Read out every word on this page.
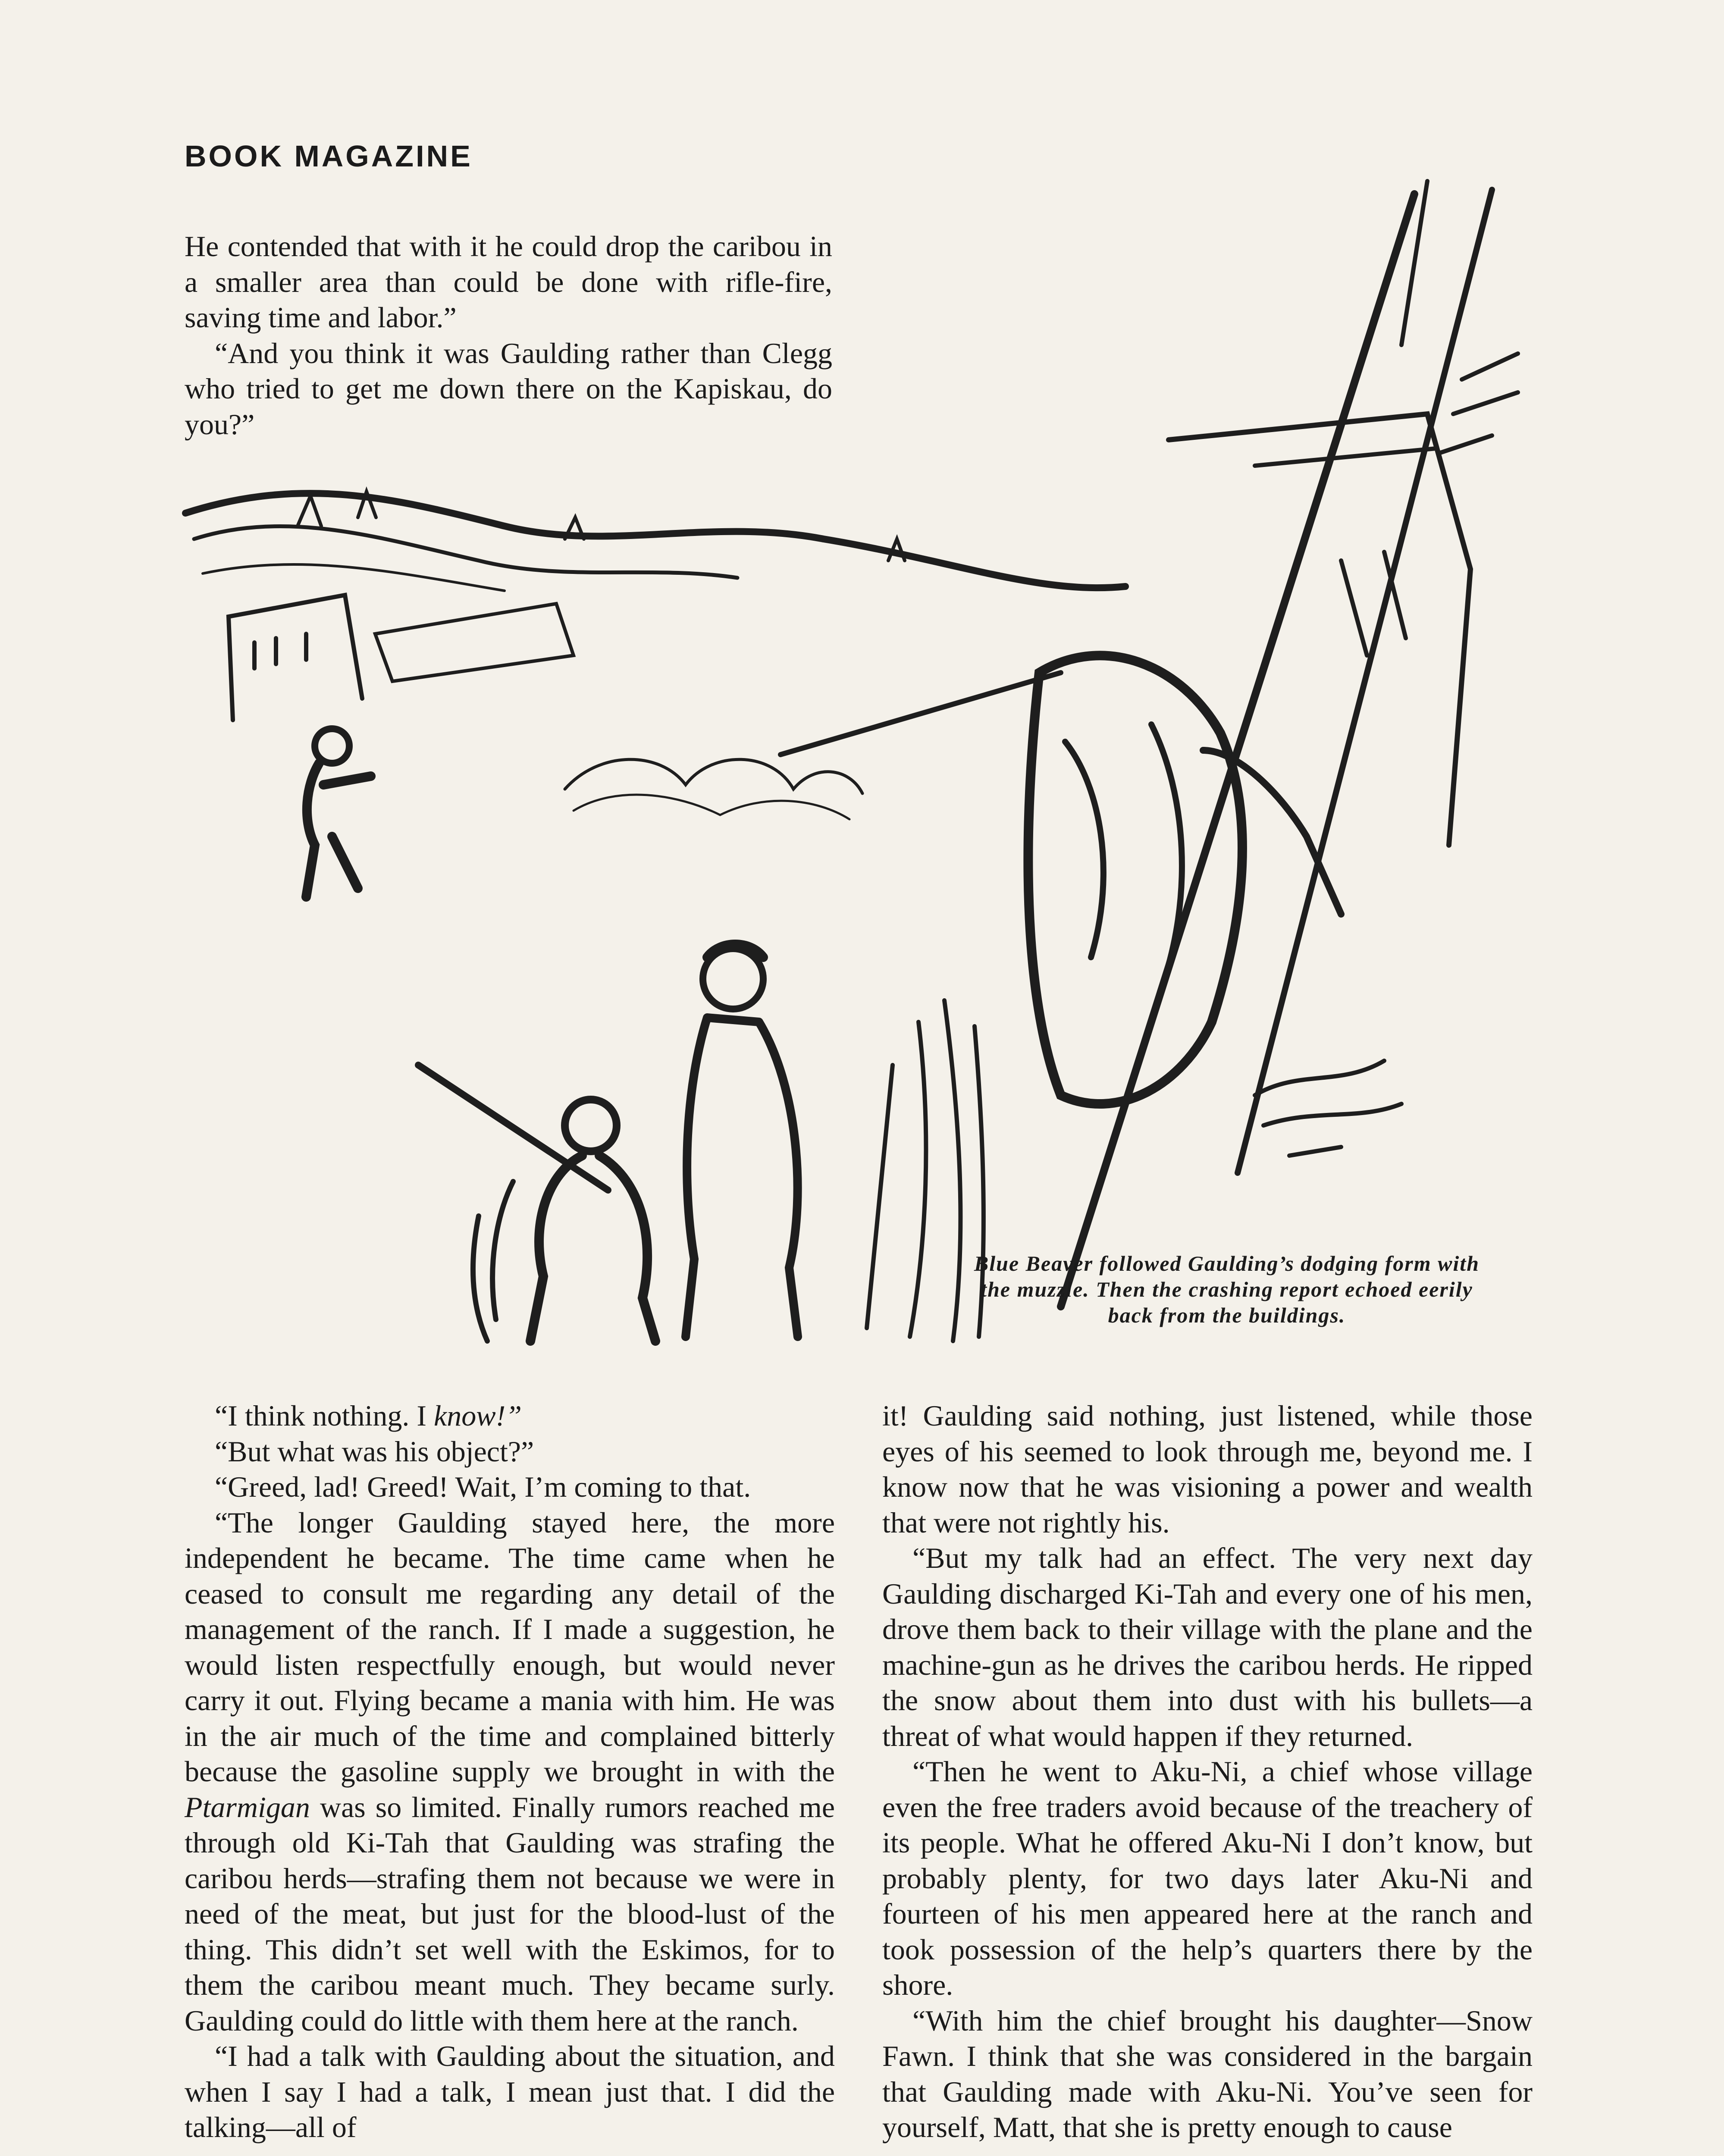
BOOK MAGAZINE

He contended that with it he could drop the caribou in a smaller area than could be done with rifle-fire, saving time and labor.”

“And you think it was Gaulding rather than Clegg who tried to get me down there on the Kapiskau, do you?”

Blue Beaver followed Gaulding’s dodging form with the muzzle. Then the crashing report echoed eerily back from the buildings.

“I think nothing. I know!”

“But what was his object?”

“Greed, lad! Greed! Wait, I’m coming to that.

“The longer Gaulding stayed here, the more independent he became. The time came when he ceased to consult me regarding any detail of the management of the ranch. If I made a suggestion, he would listen respectfully enough, but would never carry it out. Flying became a mania with him. He was in the air much of the time and complained bitterly because the gasoline supply we brought in with the Ptarmigan was so limited. Finally rumors reached me through old Ki-Tah that Gaulding was strafing the caribou herds—strafing them not because we were in need of the meat, but just for the blood-lust of the thing. This didn’t set well with the Eskimos, for to them the caribou meant much. They became surly. Gaulding could do little with them here at the ranch.

“I had a talk with Gaulding about the situation, and when I say I had a talk, I mean just that. I did the talking—all of

it! Gaulding said nothing, just listened, while those eyes of his seemed to look through me, beyond me. I know now that he was visioning a power and wealth that were not rightly his.

“But my talk had an effect. The very next day Gaulding discharged Ki-Tah and every one of his men, drove them back to their village with the plane and the machine-gun as he drives the caribou herds. He ripped the snow about them into dust with his bullets—a threat of what would happen if they returned.

“Then he went to Aku-Ni, a chief whose village even the free traders avoid because of the treachery of its people. What he offered Aku-Ni I don’t know, but probably plenty, for two days later Aku-Ni and fourteen of his men appeared here at the ranch and took possession of the help’s quarters there by the shore.

“With him the chief brought his daughter—Snow Fawn. I think that she was considered in the bargain that Gaulding made with Aku-Ni. You’ve seen for yourself, Matt, that she is pretty enough to cause
